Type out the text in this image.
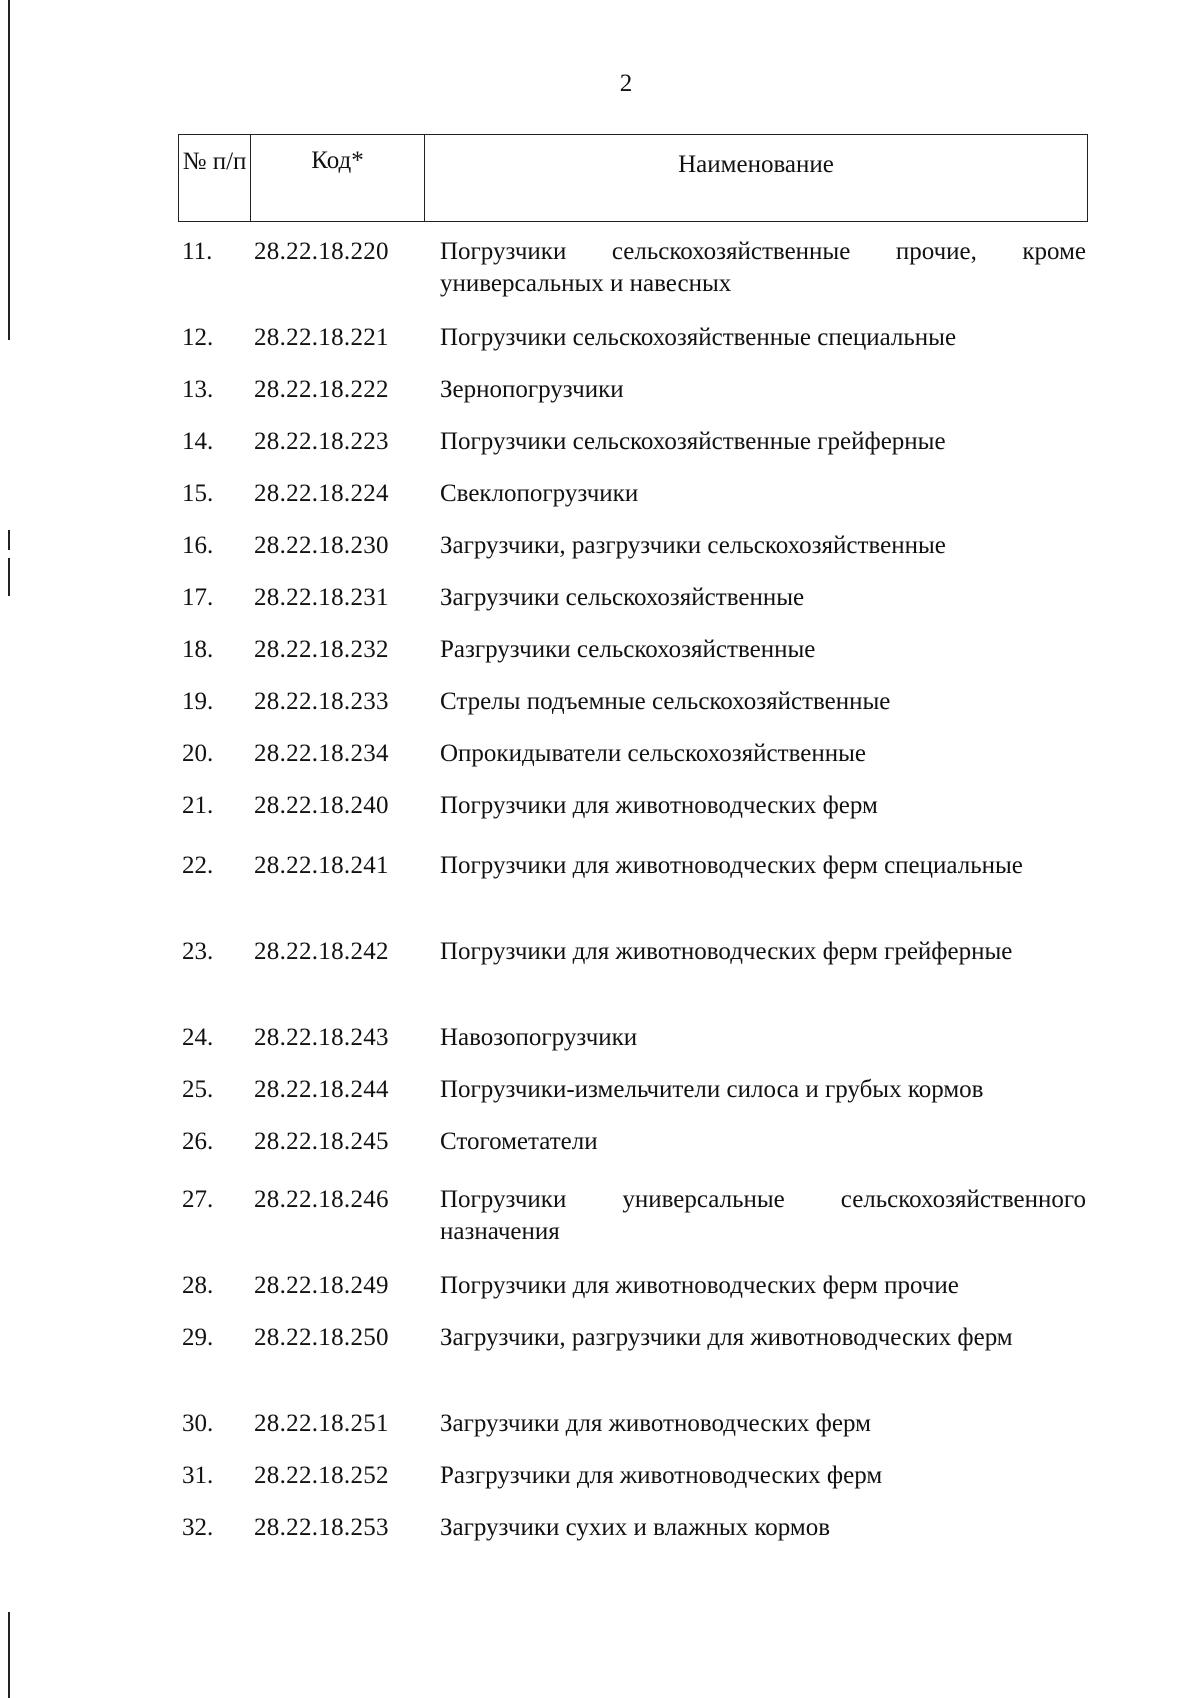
2
№ п/п	Код*	Наименование
11.	28.22.18.220	Погрузчики сельскохозяйственные прочие, кроме универсальных и навесных
12.	28.22.18.221	Погрузчики сельскохозяйственные специальные
13.	28.22.18.222	Зернопогрузчики
14.	28.22.18.223	Погрузчики сельскохозяйственные грейферные
15.	28.22.18.224	Свеклопогрузчики
16.	28.22.18.230	Загрузчики, разгрузчики сельскохозяйственные
17.	28.22.18.231	Загрузчики сельскохозяйственные
18.	28.22.18.232	Разгрузчики сельскохозяйственные
19.	28.22.18.233	Стрелы подъемные сельскохозяйственные
20.	28.22.18.234	Опрокидыватели сельскохозяйственные
21.	28.22.18.240	Погрузчики для животноводческих ферм
22.	28.22.18.241	Погрузчики для животноводческих ферм специальные
23.	28.22.18.242	Погрузчики для животноводческих ферм грейферные
24.	28.22.18.243	Навозопогрузчики
25.	28.22.18.244	Погрузчики-измельчители силоса и грубых кормов
26.	28.22.18.245	Стогометатели
27.	28.22.18.246	Погрузчики универсальные сельскохозяйственного назначения
28.	28.22.18.249	Погрузчики для животноводческих ферм прочие
29.	28.22.18.250	Загрузчики, разгрузчики для животноводческих ферм
30.	28.22.18.251	Загрузчики для животноводческих ферм
31.	28.22.18.252	Разгрузчики для животноводческих ферм
32.	28.22.18.253	Загрузчики сухих и влажных кормов
